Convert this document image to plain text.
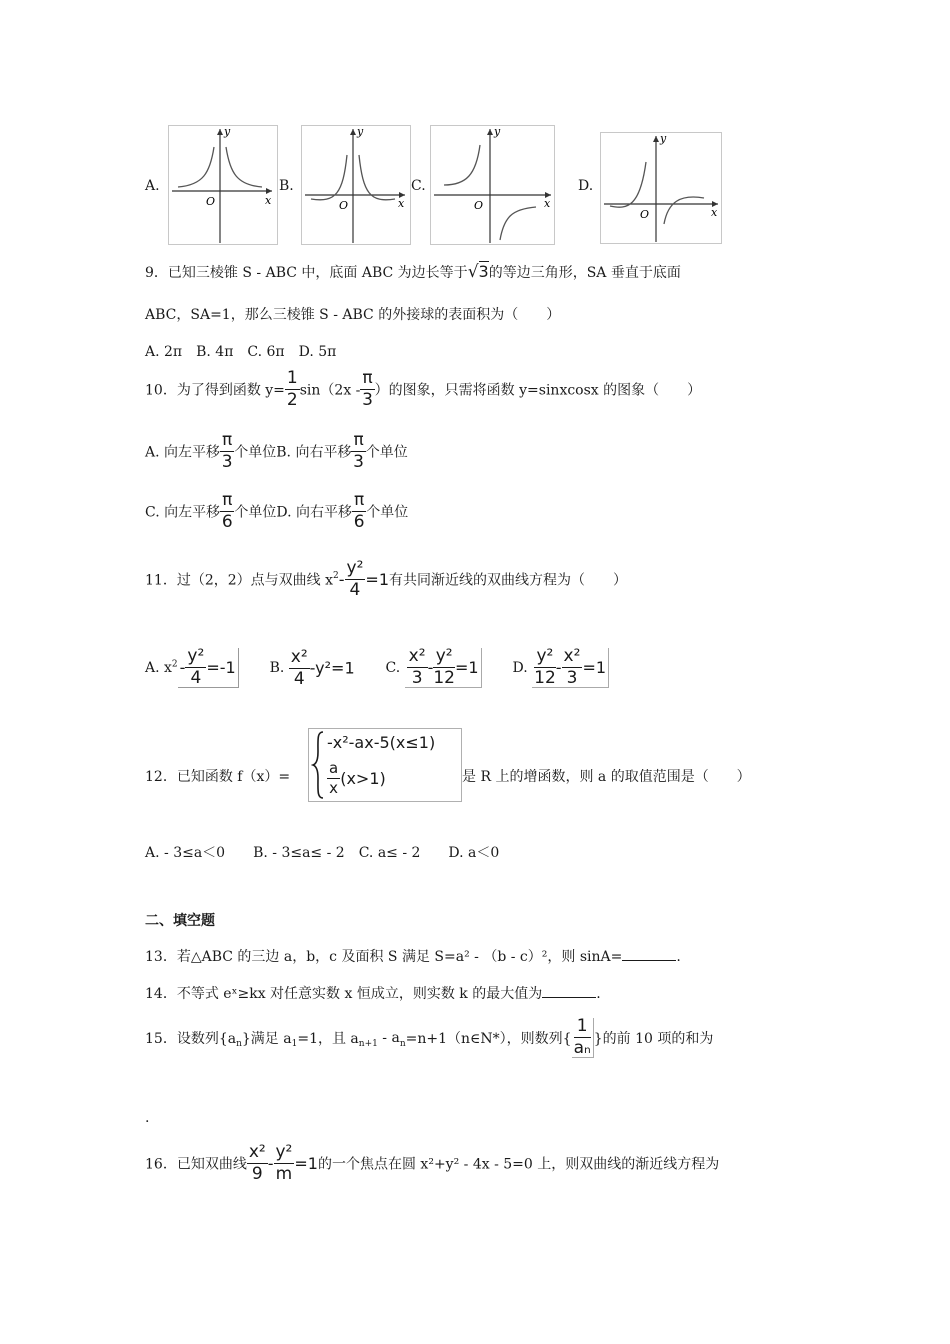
A.
y
x
O
B.
y
x
O
C.
y
x
O
D.
y
x
O
9．已知三棱锥 S - ABC 中，底面 ABC 为边长等于√3的等边三角形，SA 垂直于底面
ABC，SA=1，那么三棱锥 S - ABC 的外接球的表面积为（　　）
A. 2π　B. 4π　C. 6π　D. 5π
10．为了得到函数 $y= \frac{1}{2} \sin(2x - \frac{\pi}{3}$ ）的图象，只需将函数 y=sinxcosx 的图象（　　）
A. 向左平移 $\frac{\pi}{3}$ 个单位B. 向右平移 $\frac{\pi}{3}$ 个单位
C. 向左平移 $\frac{\pi}{6}$ 个单位D. 向右平移 $\frac{\pi}{6}$ 个单位
11．过（2，2）点与双曲线 $x^2- \frac{\text{y²}}{4} =1$有共同渐近线的双曲线方程为（　　）
A. $x^2 - \frac{\text{y²}}{4} =-1$ B. $\frac{\text{x²}}{4} -y^2=1$ C. $\frac{\text{x²}}{3} - \frac{\text{y²}}{12} =1$ D. $\frac{\text{y²}}{12} - \frac{\text{x²}}{3} =1$
12．已知函数 f（x）=
-x²-ax-5(x≤1)
$\frac{a}{x} (x>1)$	是 R 上的增函数，则 a 的取值范围是（　　）
A. - 3≤a＜0　　B. - 3≤a≤ - 2　C. a≤ - 2　　D. a＜0
二、填空题
13．若△ABC 的三边 a，b，c 及面积 S 满足 S=a² - （b - c）²，则 sinA=	.
14．不等式 eˣ≥kx 对任意实数 x 恒成立，则实数 k 的最大值为	.
15．设数列$\{a_n\}$满足 $a_1=1$，且 $a_{n+1}$ - $a_n=n+1(n\in N*)$，则数列{ $\frac{1}{\text{aₙ}}$ }的前 10 项的和为
.
16．已知双曲线 $\frac{\text{x²}}{9} - \frac{\text{y²}}{m} =1$的一个焦点在圆 x²+y² - 4x - 5=0 上，则双曲线的渐近线方程为
